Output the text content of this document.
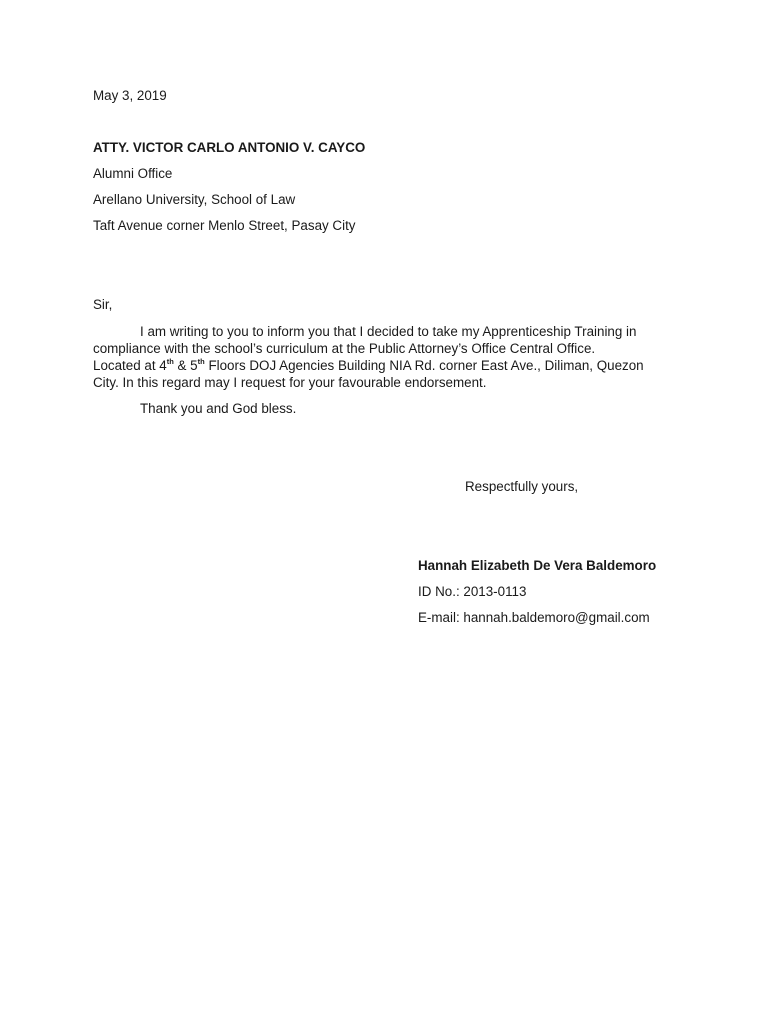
May 3, 2019
ATTY. VICTOR CARLO ANTONIO V. CAYCO
Alumni Office
Arellano University, School of Law
Taft Avenue corner Menlo Street, Pasay City
Sir,

I am writing to you to inform you that I decided to take my Apprenticeship Training in
compliance with the school’s curriculum at the Public Attorney’s Office Central Office.
Located at 4th & 5th Floors DOJ Agencies Building NIA Rd. corner East Ave., Diliman, Quezon
City. In this regard may I request for your favourable endorsement.

Thank you and God bless.
Respectfully yours,
Hannah Elizabeth De Vera Baldemoro
ID No.: 2013-0113
E-mail: hannah.baldemoro@gmail.com
